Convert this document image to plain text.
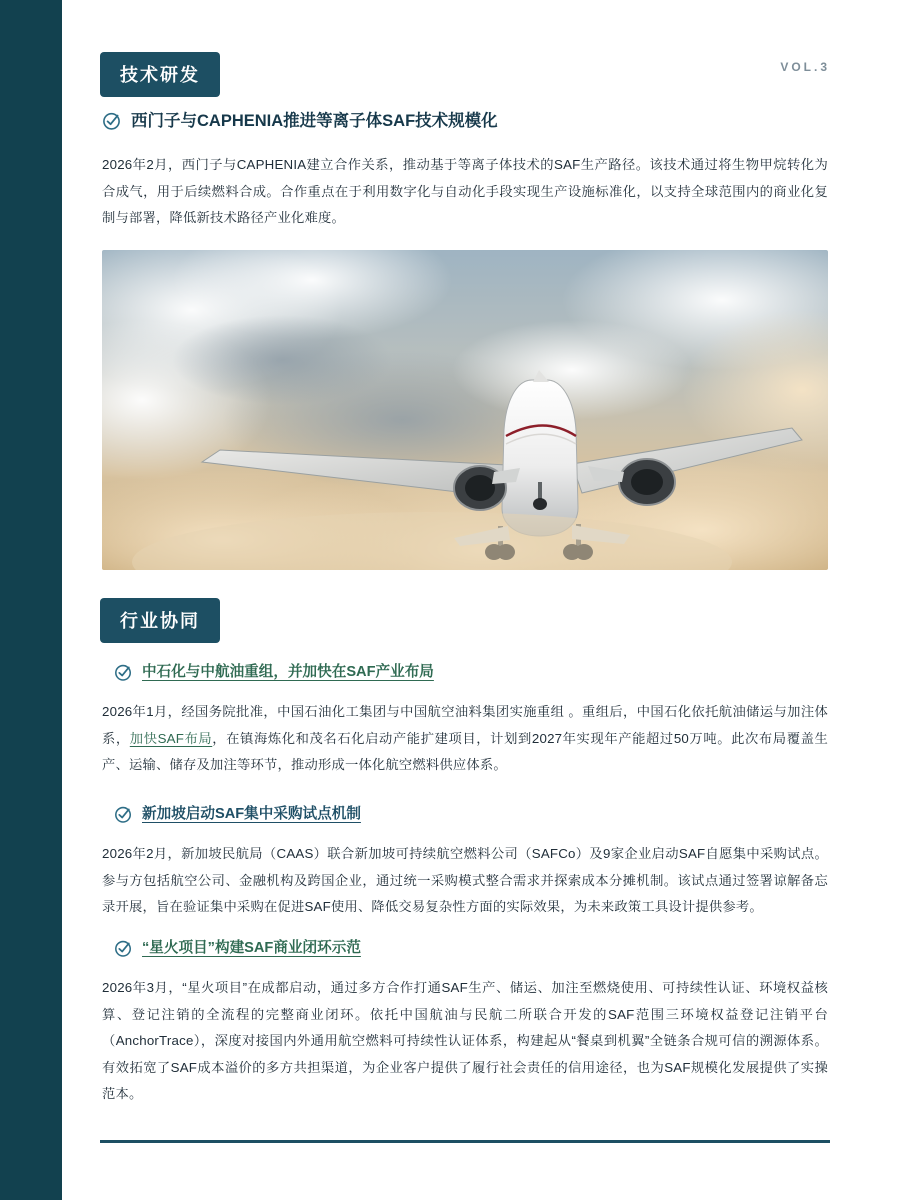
VOL.3
技术研发
西门子与CAPHENIA推进等离子体SAF技术规模化
2026年2月，西门子与CAPHENIA建立合作关系，推动基于等离子体技术的SAF生产路径。该技术通过将生物甲烷转化为合成气，用于后续燃料合成。合作重点在于利用数字化与自动化手段实现生产设施标准化，以支持全球范围内的商业化复制与部署，降低新技术路径产业化难度。
行业协同
中石化与中航油重组，并加快在SAF产业布局
2026年1月，经国务院批准，中国石油化工集团与中国航空油料集团实施重组 。重组后，中国石化依托航油储运与加注体系，加快SAF布局，在镇海炼化和茂名石化启动产能扩建项目，计划到2027年实现年产能超过50万吨。此次布局覆盖生产、运输、储存及加注等环节，推动形成一体化航空燃料供应体系。
新加坡启动SAF集中采购试点机制
2026年2月，新加坡民航局（CAAS）联合新加坡可持续航空燃料公司（SAFCo）及9家企业启动SAF自愿集中采购试点。参与方包括航空公司、金融机构及跨国企业，通过统一采购模式整合需求并探索成本分摊机制。该试点通过签署谅解备忘录开展，旨在验证集中采购在促进SAF使用、降低交易复杂性方面的实际效果，为未来政策工具设计提供参考。
“星火项目”构建SAF商业闭环示范
2026年3月，“星火项目”在成都启动，通过多方合作打通SAF生产、储运、加注至燃烧使用、可持续性认证、环境权益核算、登记注销的全流程的完整商业闭环。依托中国航油与民航二所联合开发的SAF范围三环境权益登记注销平台（AnchorTrace），深度对接国内外通用航空燃料可持续性认证体系，构建起从“餐桌到机翼”全链条合规可信的溯源体系。有效拓宽了SAF成本溢价的多方共担渠道，为企业客户提供了履行社会责任的信用途径，也为SAF规模化发展提供了实操范本。
